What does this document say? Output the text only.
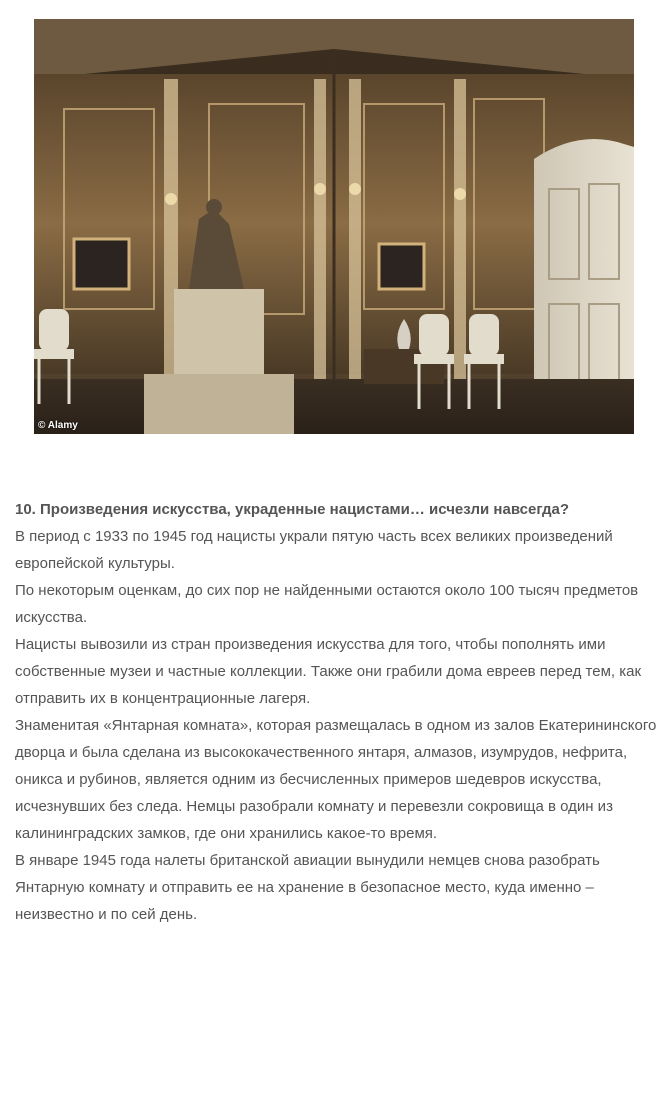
© Alamy
10. Произведения искусства, украденные нацистами… исчезли навсегда?

В период с 1933 по 1945 год нацисты украли пятую часть всех великих произведений европейской культуры.

По некоторым оценкам, до сих пор не найденными остаются около 100 тысяч предметов искусства.

Нацисты вывозили из стран произведения искусства для того, чтобы пополнять ими собственные музеи и частные коллекции. Также они грабили дома евреев перед тем, как отправить их в концентрационные лагеря.

Знаменитая «Янтарная комната», которая размещалась в одном из залов Екатерининского дворца и была сделана из высококачественного янтаря, алмазов, изумрудов, нефрита, оникса и рубинов, является одним из бесчисленных примеров шедевров искусства, исчезнувших без следа. Немцы разобрали комнату и перевезли сокровища в один из калининградских замков, где они хранились какое-то время.

В январе 1945 года налеты британской авиации вынудили немцев снова разобрать Янтарную комнату и отправить ее на хранение в безопасное место, куда именно – неизвестно и по сей день.
